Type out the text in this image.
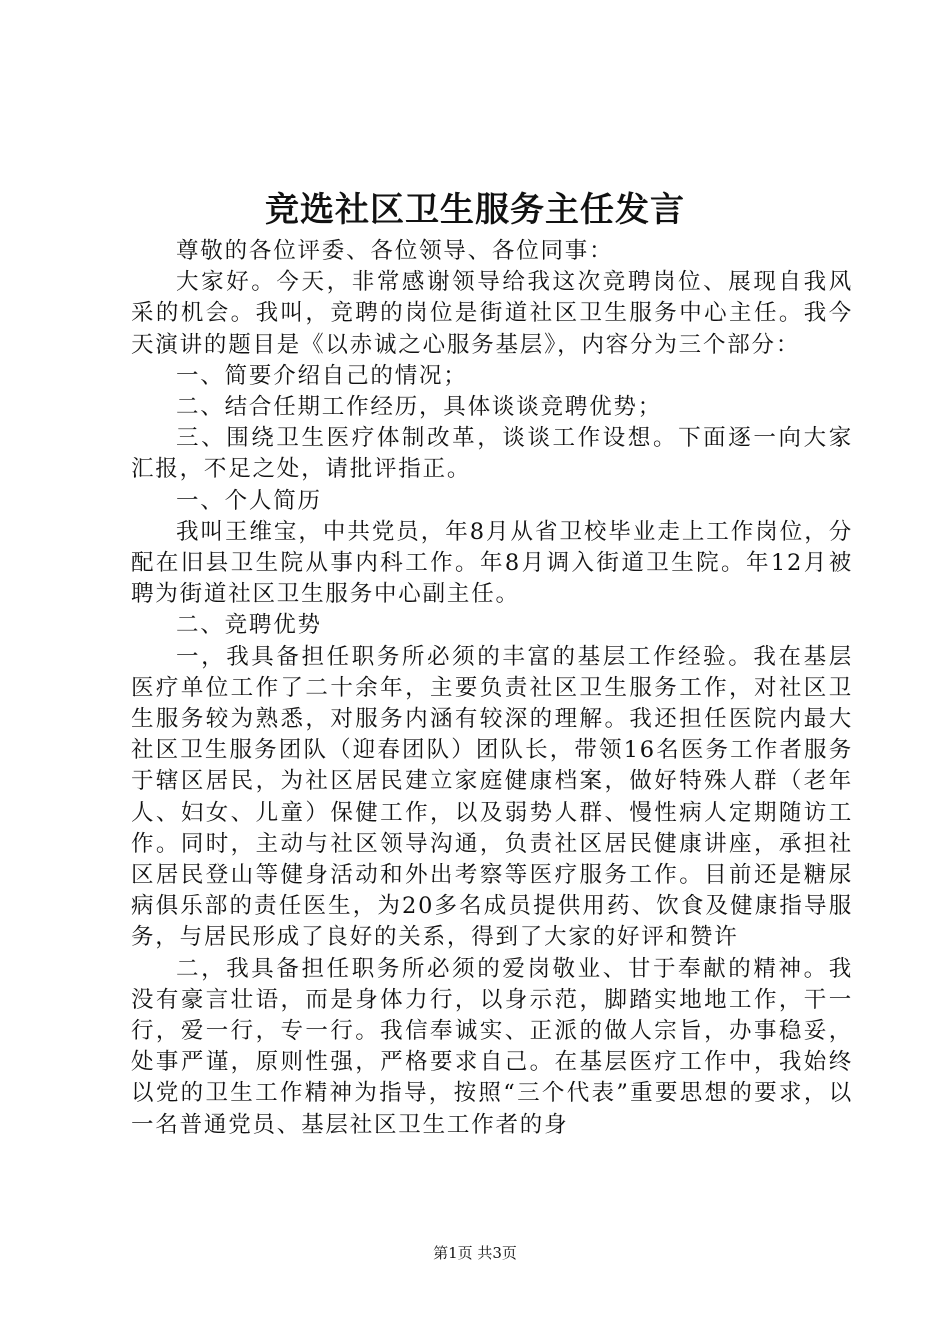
竞选社区卫生服务主任发言

尊敬的各位评委、各位领导、各位同事：

大家好。今天，非常感谢领导给我这次竞聘岗位、展现自我风采的机会。我叫，竞聘的岗位是街道社区卫生服务中心主任。我今天演讲的题目是《以赤诚之心服务基层》，内容分为三个部分：

一、简要介绍自己的情况；

二、结合任期工作经历，具体谈谈竞聘优势；

三、围绕卫生医疗体制改革，谈谈工作设想。下面逐一向大家汇报，不足之处，请批评指正。

一、个人简历

我叫王维宝，中共党员，年8月从省卫校毕业走上工作岗位，分配在旧县卫生院从事内科工作。年8月调入街道卫生院。年12月被聘为街道社区卫生服务中心副主任。

二、竞聘优势

一，我具备担任职务所必须的丰富的基层工作经验。我在基层医疗单位工作了二十余年，主要负责社区卫生服务工作，对社区卫生服务较为熟悉，对服务内涵有较深的理解。我还担任医院内最大社区卫生服务团队（迎春团队）团队长，带领16名医务工作者服务于辖区居民，为社区居民建立家庭健康档案，做好特殊人群（老年人、妇女、儿童）保健工作，以及弱势人群、慢性病人定期随访工作。同时，主动与社区领导沟通，负责社区居民健康讲座，承担社区居民登山等健身活动和外出考察等医疗服务工作。目前还是糖尿病俱乐部的责任医生，为20多名成员提供用药、饮食及健康指导服务，与居民形成了良好的关系，得到了大家的好评和赞许

二，我具备担任职务所必须的爱岗敬业、甘于奉献的精神。我没有豪言壮语，而是身体力行，以身示范，脚踏实地地工作，干一行，爱一行，专一行。我信奉诚实、正派的做人宗旨，办事稳妥，处事严谨，原则性强，严格要求自己。在基层医疗工作中，我始终以党的卫生工作精神为指导，按照“三个代表”重要思想的要求，以一名普通党员、基层社区卫生工作者的身

第1页 共3页
